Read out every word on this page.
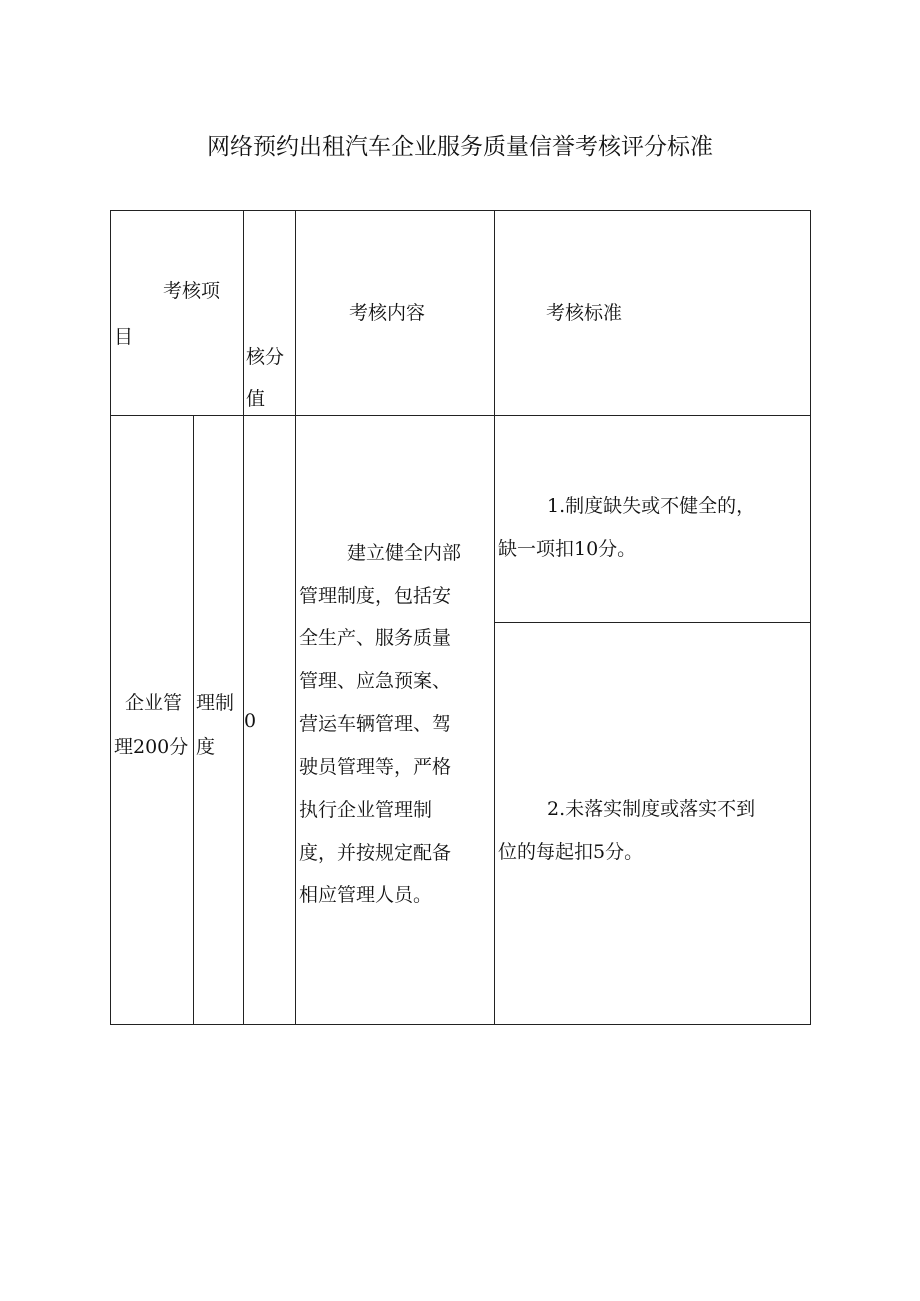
网络预约出租汽车企业服务质量信誉考核评分标准
考核项
目
核分
值
考核内容	考核标准
企业管
理200分
理制
度
0
建立健全内部
管理制度，包括安
全生产、服务质量
管理、应急预案、
营运车辆管理、驾
驶员管理等，严格
执行企业管理制
度，并按规定配备
相应管理人员。
1.制度缺失或不健全的，
缺一项扣10分。
2.未落实制度或落实不到
位的每起扣5分。
